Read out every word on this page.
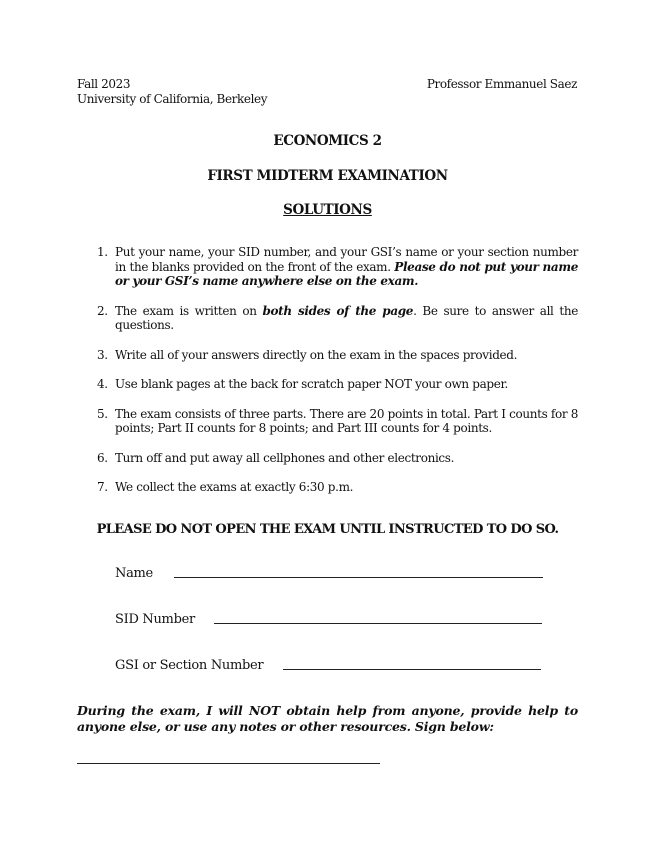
Fall 2023
University of California, Berkeley
Professor Emmanuel Saez
ECONOMICS 2
FIRST MIDTERM EXAMINATION
SOLUTIONS
1. Put your name, your SID number, and your GSI’s name or your section number in the blanks provided on the front of the exam. Please do not put your name or your GSI’s name anywhere else on the exam.
2. The exam is written on both sides of the page. Be sure to answer all the questions.
3. Write all of your answers directly on the exam in the spaces provided.
4. Use blank pages at the back for scratch paper NOT your own paper.
5. The exam consists of three parts. There are 20 points in total. Part I counts for 8 points; Part II counts for 8 points; and Part III counts for 4 points.
6. Turn off and put away all cellphones and other electronics.
7. We collect the exams at exactly 6:30 p.m.
PLEASE DO NOT OPEN THE EXAM UNTIL INSTRUCTED TO DO SO.
Name
SID Number
GSI or Section Number
During the exam, I will NOT obtain help from anyone, provide help to anyone else, or use any notes or other resources. Sign below:
